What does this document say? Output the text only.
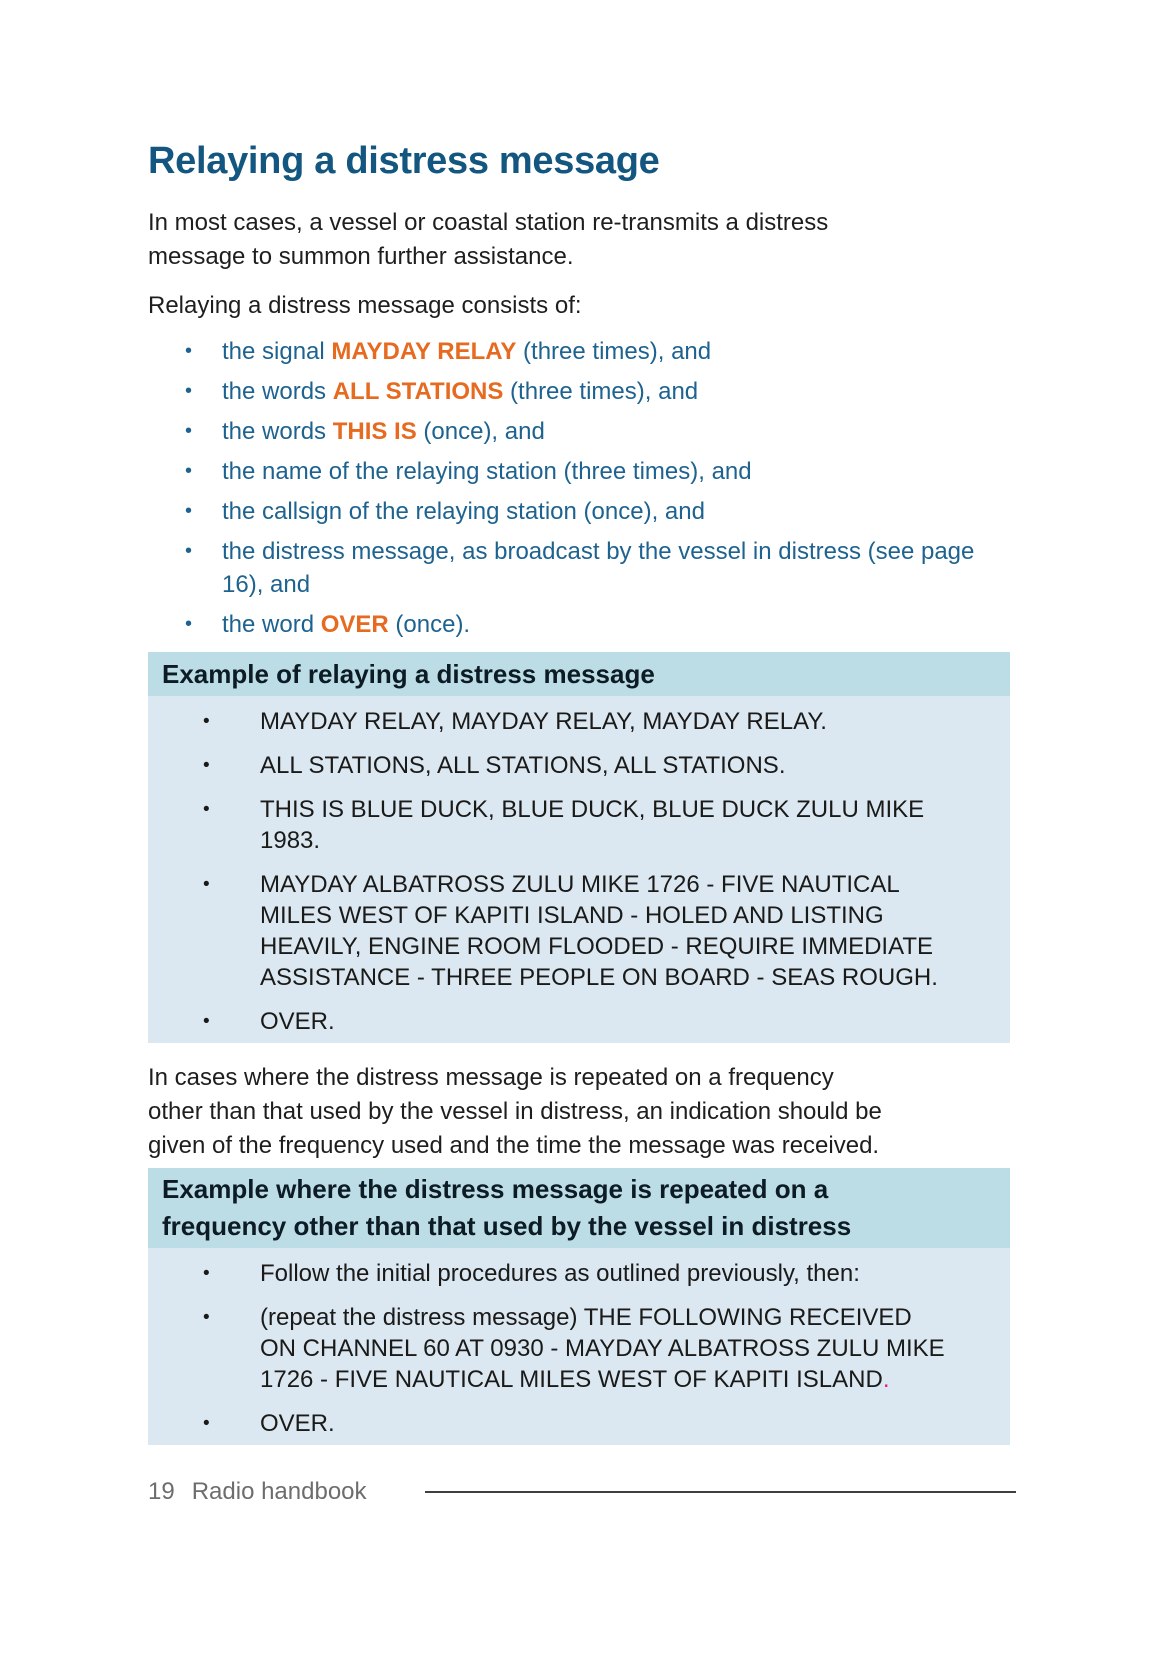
Relaying a distress message

In most cases, a vessel or coastal station re-transmits a distress
message to summon further assistance.

Relaying a distress message consists of:

•	the signal MAYDAY RELAY (three times), and
•	the words ALL STATIONS (three times), and
•	the words THIS IS (once), and
•	the name of the relaying station (three times), and
•	the callsign of the relaying station (once), and
•	the distress message, as broadcast by the vessel in distress (see page 16), and
•	the word OVER (once).
Example of relaying a distress message
•	MAYDAY RELAY, MAYDAY RELAY, MAYDAY RELAY.
•	ALL STATIONS, ALL STATIONS, ALL STATIONS.
•	THIS IS BLUE DUCK, BLUE DUCK, BLUE DUCK ZULU MIKE
1983.
•	MAYDAY ALBATROSS ZULU MIKE 1726 - FIVE NAUTICAL
MILES WEST OF KAPITI ISLAND - HOLED AND LISTING
HEAVILY, ENGINE ROOM FLOODED - REQUIRE IMMEDIATE
ASSISTANCE - THREE PEOPLE ON BOARD - SEAS ROUGH.
•	OVER.

In cases where the distress message is repeated on a frequency
other than that used by the vessel in distress, an indication should be
given of the frequency used and the time the message was received.

Example where the distress message is repeated on a
frequency other than that used by the vessel in distress
•	Follow the initial procedures as outlined previously, then:
•	(repeat the distress message) THE FOLLOWING RECEIVED
ON CHANNEL 60 AT 0930 - MAYDAY ALBATROSS ZULU MIKE
1726 - FIVE NAUTICAL MILES WEST OF KAPITI ISLAND.
•	OVER.
19 Radio handbook
